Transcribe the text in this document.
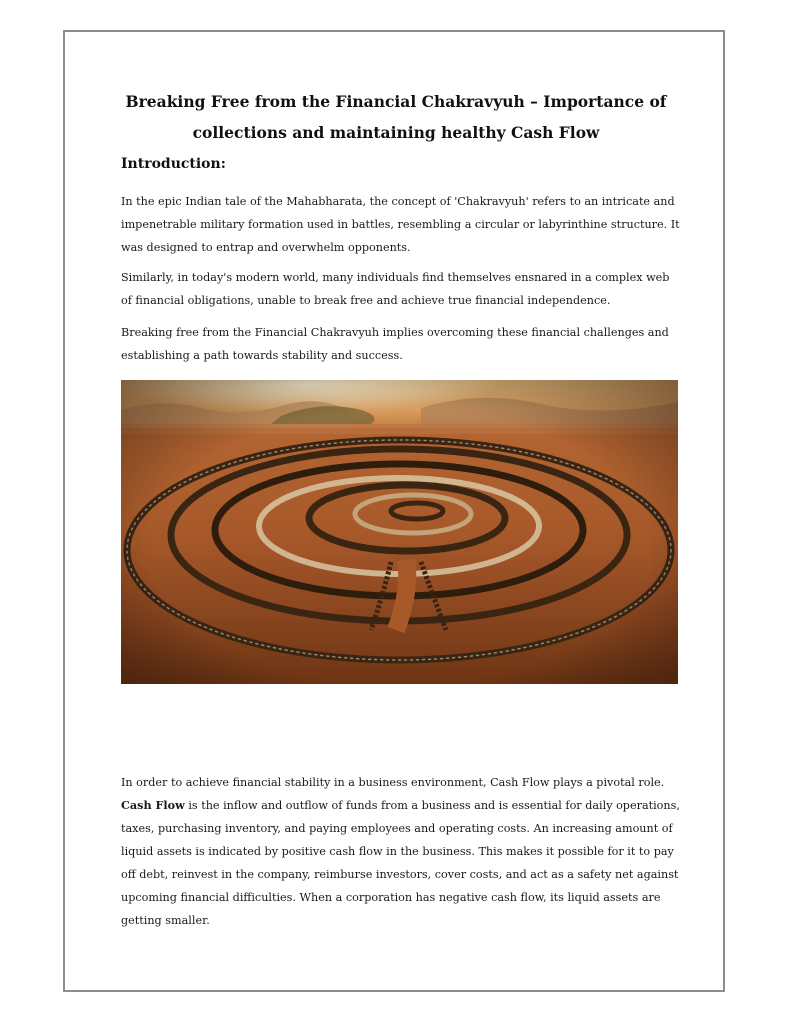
Breaking Free from the Financial Chakravyuh – Importance of collections and maintaining healthy Cash Flow
Introduction:

In the epic Indian tale of the Mahabharata, the concept of 'Chakravyuh' refers to an intricate and impenetrable military formation used in battles, resembling a circular or labyrinthine structure. It was designed to entrap and overwhelm opponents.

Similarly, in today's modern world, many individuals find themselves ensnared in a complex web of financial obligations, unable to break free and achieve true financial independence.

Breaking free from the Financial Chakravyuh implies overcoming these financial challenges and establishing a path towards stability and success.

In order to achieve financial stability in a business environment, Cash Flow plays a pivotal role. Cash Flow is the inflow and outflow of funds from a business and is essential for daily operations, taxes, purchasing inventory, and paying employees and operating costs. An increasing amount of liquid assets is indicated by positive cash flow in the business. This makes it possible for it to pay off debt, reinvest in the company, reimburse investors, cover costs, and act as a safety net against upcoming financial difficulties. When a corporation has negative cash flow, its liquid assets are getting smaller.
